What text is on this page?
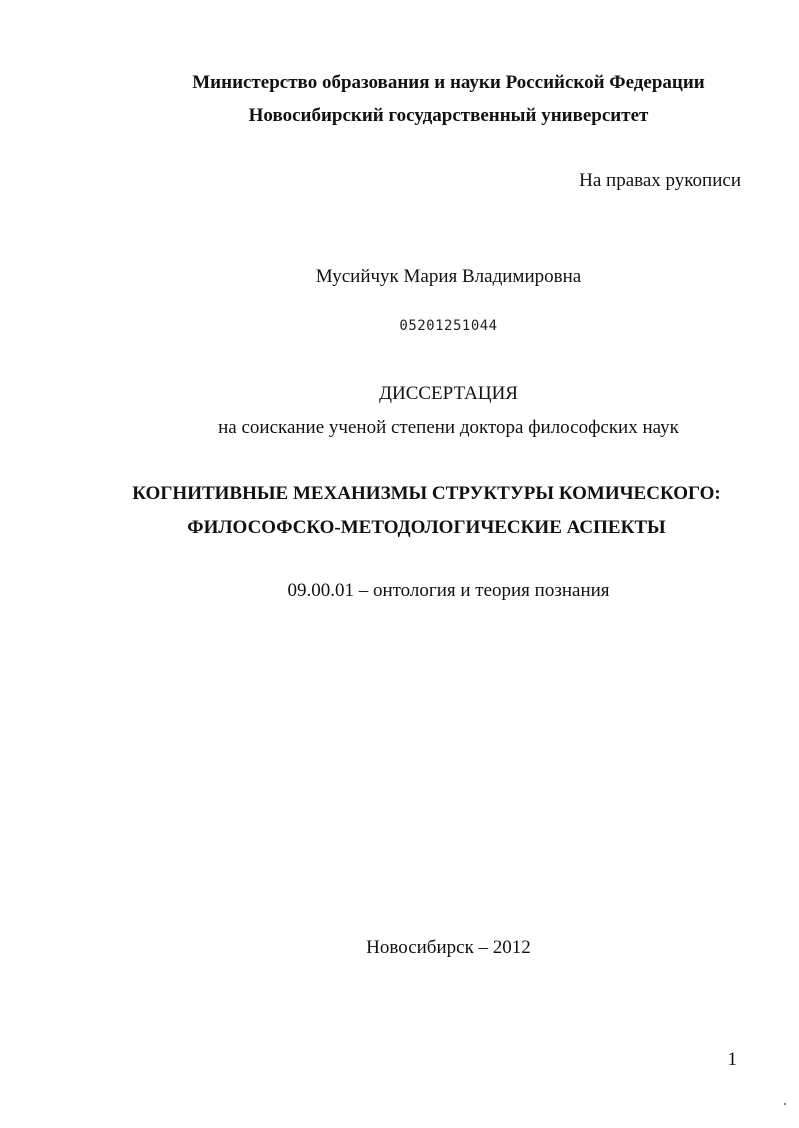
Министерство образования и науки Российской Федерации
Новосибирский государственный университет
На правах рукописи
Мусийчук Мария Владимировна
05201251044
ДИССЕРТАЦИЯ
на соискание ученой степени доктора философских наук
КОГНИТИВНЫЕ МЕХАНИЗМЫ СТРУКТУРЫ КОМИЧЕСКОГО:
ФИЛОСОФСКО-МЕТОДОЛОГИЧЕСКИЕ АСПЕКТЫ
09.00.01 – онтология и теория познания
Новосибирск – 2012
1
